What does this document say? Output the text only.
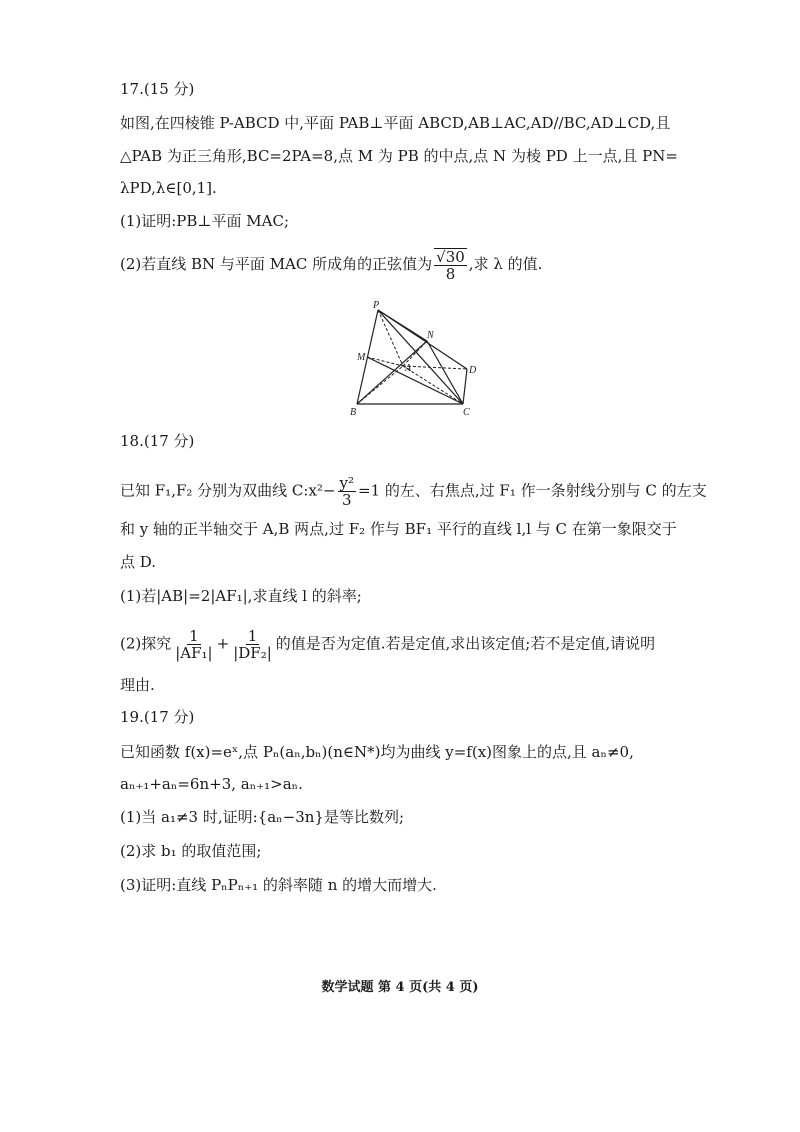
17.(15 分)
如图,在四棱锥 P-ABCD 中,平面 PAB⊥平面 ABCD,AB⊥AC,AD//BC,AD⊥CD,且
△PAB 为正三角形,BC=2PA=8,点 M 为 PB 的中点,点 N 为棱 PD 上一点,且 PN=
λPD,λ∈[0,1].
(1)证明:PB⊥平面 MAC;
(2)若直线 BN 与平面 MAC 所成角的正弦值为 $\frac{√30}{8}$ ,求 λ 的值.
P
N
M
A	D
B	C
18.(17 分)
已知 F₁,F₂ 分别为双曲线 C:x²− $\frac{\text{y²}}{3} =1$ 的左、右焦点,过 F₁ 作一条射线分别与 C 的左支
和 y 轴的正半轴交于 A,B 两点,过 F₂ 作与 BF₁ 平行的直线 l,l 与 C 在第一象限交于
点 D.
(1)若|AB|=2|AF₁|,求直线 l 的斜率;
(2)探究 $\frac{1}{\text{|AF₁|}} + \frac{1}{\text{|DF₂|}}$ 的值是否为定值.若是定值,求出该定值;若不是定值,请说明
理由.
19.(17 分)
已知函数 f(x)=eˣ,点 Pₙ(aₙ,bₙ)(n∈N*)均为曲线 y=f(x)图象上的点,且 aₙ≠0,
aₙ₊₁+aₙ=6n+3, aₙ₊₁>aₙ.
(1)当 a₁≠3 时,证明:{aₙ−3n}是等比数列;
(2)求 b₁ 的取值范围;
(3)证明:直线 PₙPₙ₊₁ 的斜率随 n 的增大而增大.
数学试题 第 4 页(共 4 页)
